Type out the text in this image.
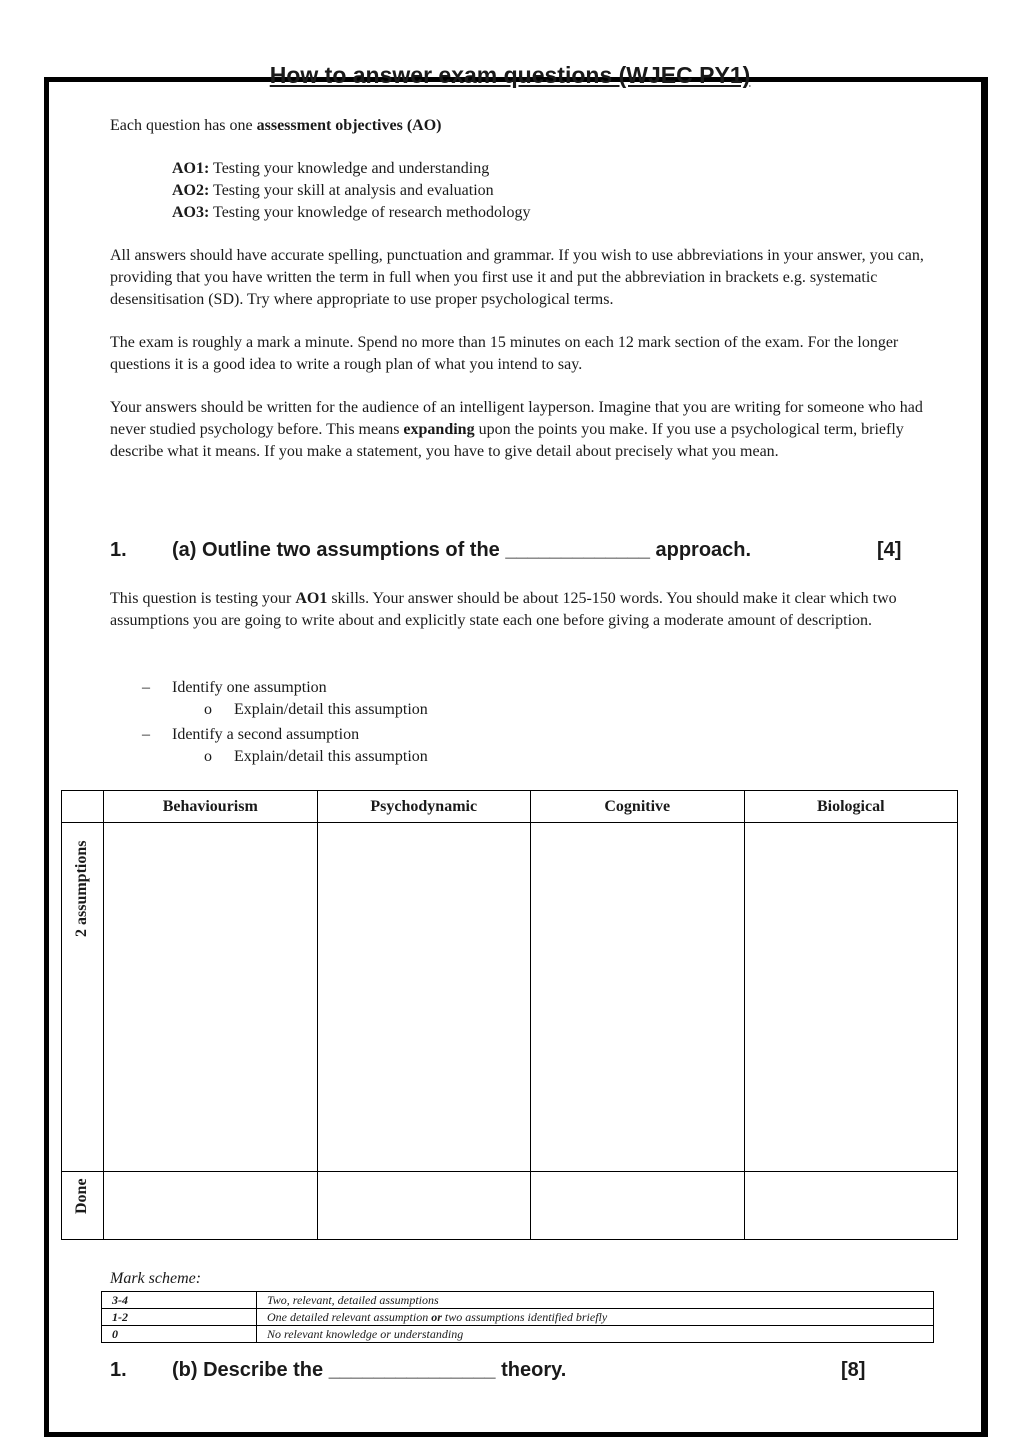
How to answer exam questions (WJEC PY1)
Each question has one assessment objectives (AO)
AO1: Testing your knowledge and understanding
AO2: Testing your skill at analysis and evaluation
AO3: Testing your knowledge of research methodology
All answers should have accurate spelling, punctuation and grammar. If you wish to use abbreviations in your answer, you can, providing that you have written the term in full when you first use it and put the abbreviation in brackets e.g. systematic desensitisation (SD). Try where appropriate to use proper psychological terms.
The exam is roughly a mark a minute. Spend no more than 15 minutes on each 12 mark section of the exam. For the longer questions it is a good idea to write a rough plan of what you intend to say.
Your answers should be written for the audience of an intelligent layperson. Imagine that you are writing for someone who had never studied psychology before. This means expanding upon the points you make. If you use a psychological term, briefly describe what it means. If you make a statement, you have to give detail about precisely what you mean.
1. (a) Outline two assumptions of the _____________ approach.	[4]
This question is testing your AO1 skills. Your answer should be about 125-150 words. You should make it clear which two assumptions you are going to write about and explicitly state each one before giving a moderate amount of description.
– Identify one assumption
o Explain/detail this assumption
– Identify a second assumption
o Explain/detail this assumption
	Behaviourism	Psychodynamic	Cognitive	Biological

2 assumptions				

Done				

Mark scheme:
3-4	Two, relevant, detailed assumptions
1-2	One detailed relevant assumption or two assumptions identified briefly
0	No relevant knowledge or understanding
1. (b) Describe the _______________ theory.	[8]
